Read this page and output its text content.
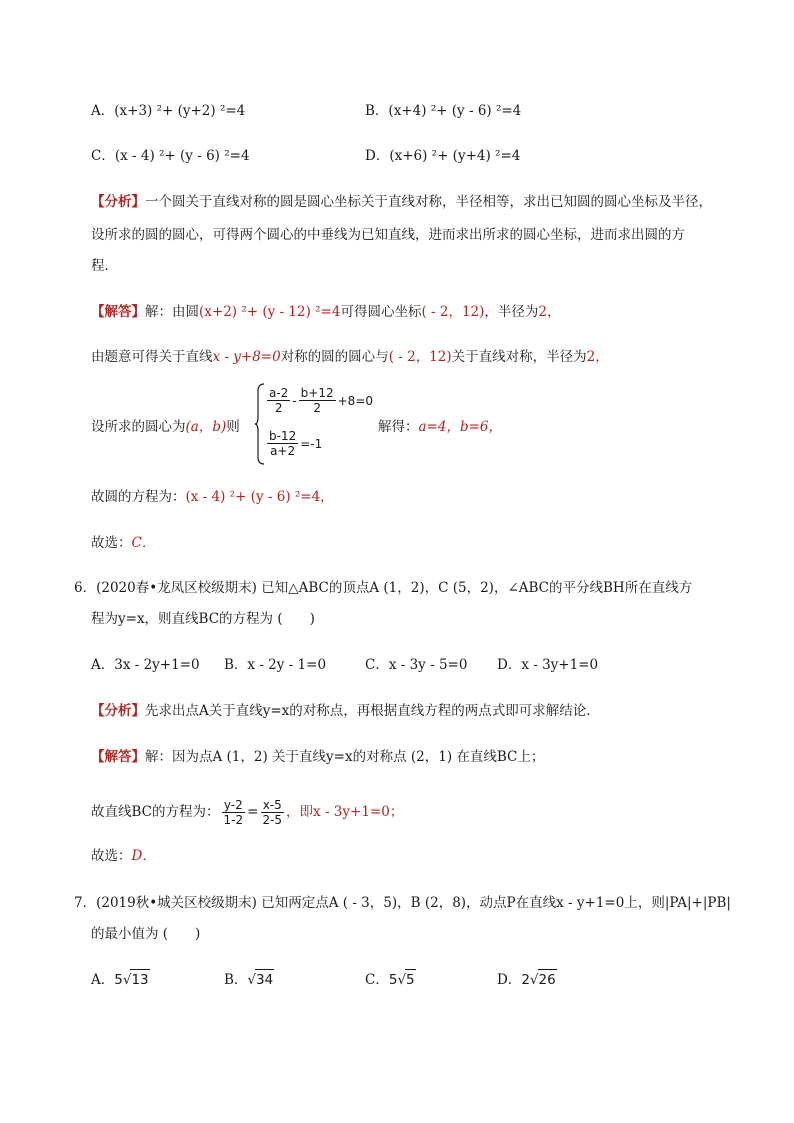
A．(x+3) ²+ (y+2) ²=4	B．(x+4) ²+ (y - 6) ²=4
C．(x - 4) ²+ (y - 6) ²=4	D．(x+6) ²+ (y+4) ²=4
【分析】一个圆关于直线对称的圆是圆心坐标关于直线对称，半径相等，求出已知圆的圆心坐标及半径，
设所求的圆的圆心，可得两个圆心的中垂线为已知直线，进而求出所求的圆心坐标，进而求出圆的方
程．
【解答】解：由圆(x+2) ²+ (y - 12) ²=4可得圆心坐标( - 2，12)，半径为2，
由题意可得关于直线x - y+8=0对称的圆的圆心与( - 2，12)关于直线对称，半径为2，
设所求的圆心为(a，b)则
$\frac{a-2}{2} - \frac{b+12}{2} +8=0$
$\frac{b-12}{a+2} =-1$
解得：a=4，b=6，
故圆的方程为：(x - 4) ²+ (y - 6) ²=4，
故选：C．
6．(2020春•龙凤区校级期末) 已知△ABC的顶点A (1，2)，C (5，2)，∠ABC的平分线BH所在直线方
程为y=x，则直线BC的方程为 (　　)
A．3x - 2y+1=0 B．x - 2y - 1=0	C．x - 3y - 5=0 D．x - 3y+1=0
【分析】先求出点A关于直线y=x的对称点，再根据直线方程的两点式即可求解结论．
【解答】解：因为点A (1，2) 关于直线y=x的对称点 (2，1) 在直线BC上；
故直线BC的方程为： $\frac{y-2}{1-2} = \frac{x-5}{2-5}$ ，即x - 3y+1=0；
故选：D．
7．(2019秋•城关区校级期末) 已知两定点A ( - 3，5)，B (2，8)，动点P在直线x - y+1=0上，则|PA|+|PB|
的最小值为 (　　)
A．5√13	B．√34	C．5√5	D．2√26
